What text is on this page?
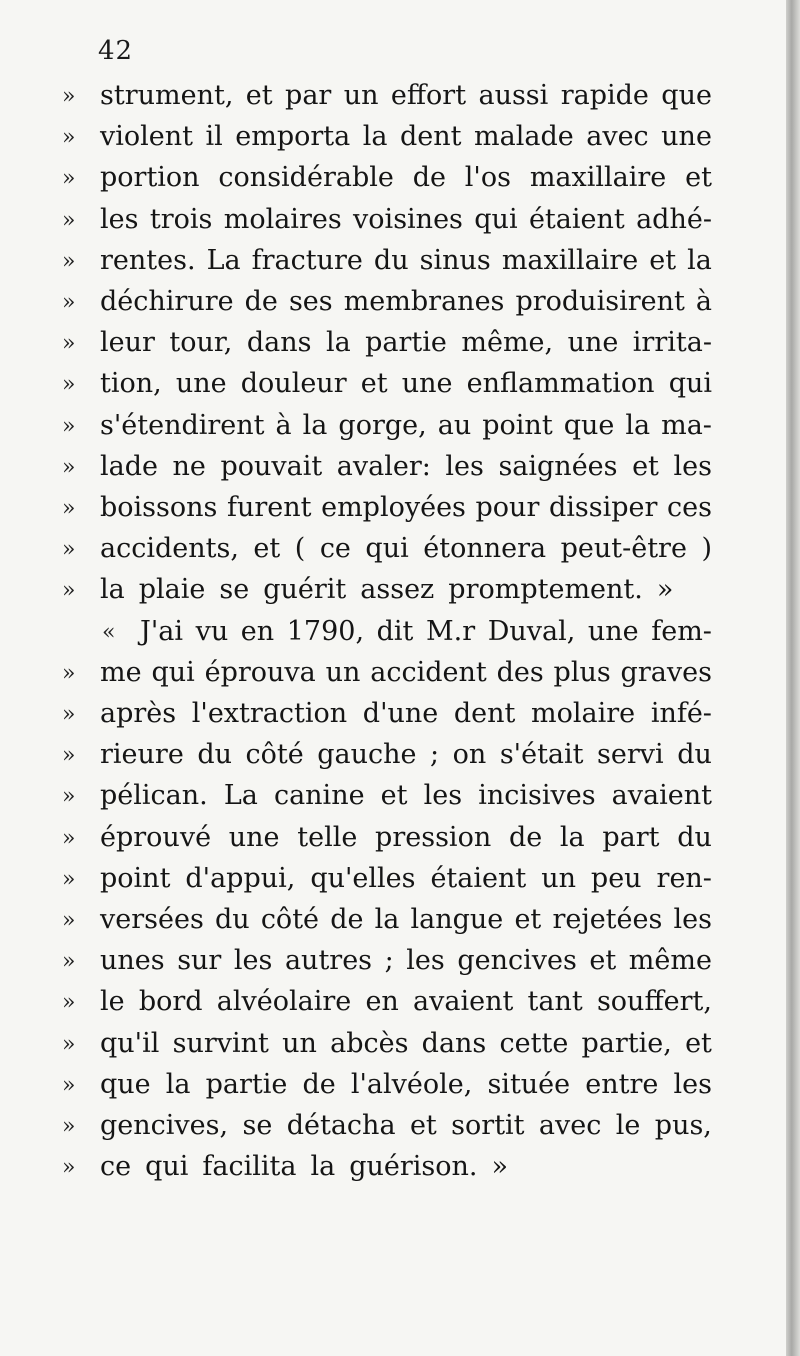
42
» strument, et par un effort aussi rapide que
» violent il emporta la dent malade avec une
» portion considérable de l'os maxillaire et
» les trois molaires voisines qui étaient adhé-
» rentes. La fracture du sinus maxillaire et la
» déchirure de ses membranes produisirent à
» leur tour, dans la partie même, une irrita-
» tion, une douleur et une enflammation qui
» s'étendirent à la gorge, au point que la ma-
» lade ne pouvait avaler: les saignées et les
» boissons furent employées pour dissiper ces
» accidents, et ( ce qui étonnera peut-être )
» la plaie se guérit assez promptement. »
« J'ai vu en 1790, dit M.r Duval, une fem-
» me qui éprouva un accident des plus graves
» après l'extraction d'une dent molaire infé-
» rieure du côté gauche ; on s'était servi du
» pélican. La canine et les incisives avaient
» éprouvé une telle pression de la part du
» point d'appui, qu'elles étaient un peu ren-
» versées du côté de la langue et rejetées les
» unes sur les autres ; les gencives et même
» le bord alvéolaire en avaient tant souffert,
» qu'il survint un abcès dans cette partie, et
» que la partie de l'alvéole, située entre les
» gencives, se détacha et sortit avec le pus,
» ce qui facilita la guérison. »
